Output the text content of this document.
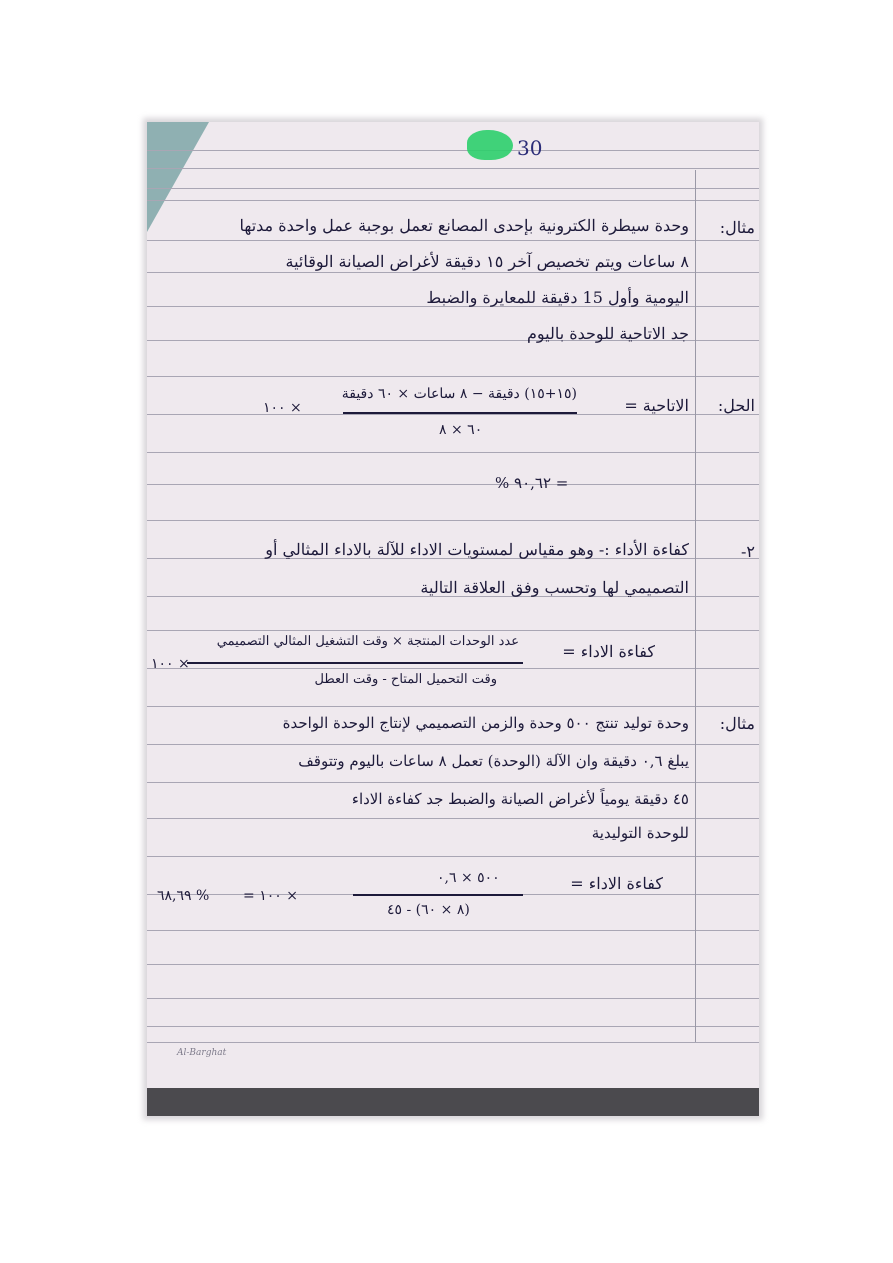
30
مثال:
وحدة سيطرة الكترونية بإحدى المصانع تعمل بوجبة عمل واحدة مدتها
٨ ساعات ويتم تخصيص آخر ١٥ دقيقة لأغراض الصيانة الوقائية
اليومية وأول 15 دقيقة للمعايرة والضبط
جد الاتاحية للوحدة باليوم
الحل:
الاتاحية =
(١٥+١٥) دقيقة − ٨ ساعات × ٦٠ دقيقة
٦٠ × ٨
× ١٠٠
= ٩٠,٦٢ %
٢-
كفاءة الأداء :- وهو مقياس لمستويات الاداء للآلة بالاداء المثالي أو
التصميمي لها وتحسب وفق العلاقة التالية
كفاءة الاداء =
عدد الوحدات المنتجة × وقت التشغيل المثالي التصميمي
وقت التحميل المتاح - وقت العطل
× ١٠٠
مثال:
وحدة توليد تنتج ٥٠٠ وحدة والزمن التصميمي لإنتاج الوحدة الواحدة
يبلغ ٠,٦ دقيقة وان الآلة (الوحدة) تعمل ٨ ساعات باليوم وتتوقف
٤٥ دقيقة يومياً لأغراض الصيانة والضبط جد كفاءة الاداء
للوحدة التوليدية
كفاءة الاداء =
٥٠٠ × ٠,٦
(٨ × ٦٠) - ٤٥
× ١٠٠ =
٦٨,٦٩ %
Al-Barghat
